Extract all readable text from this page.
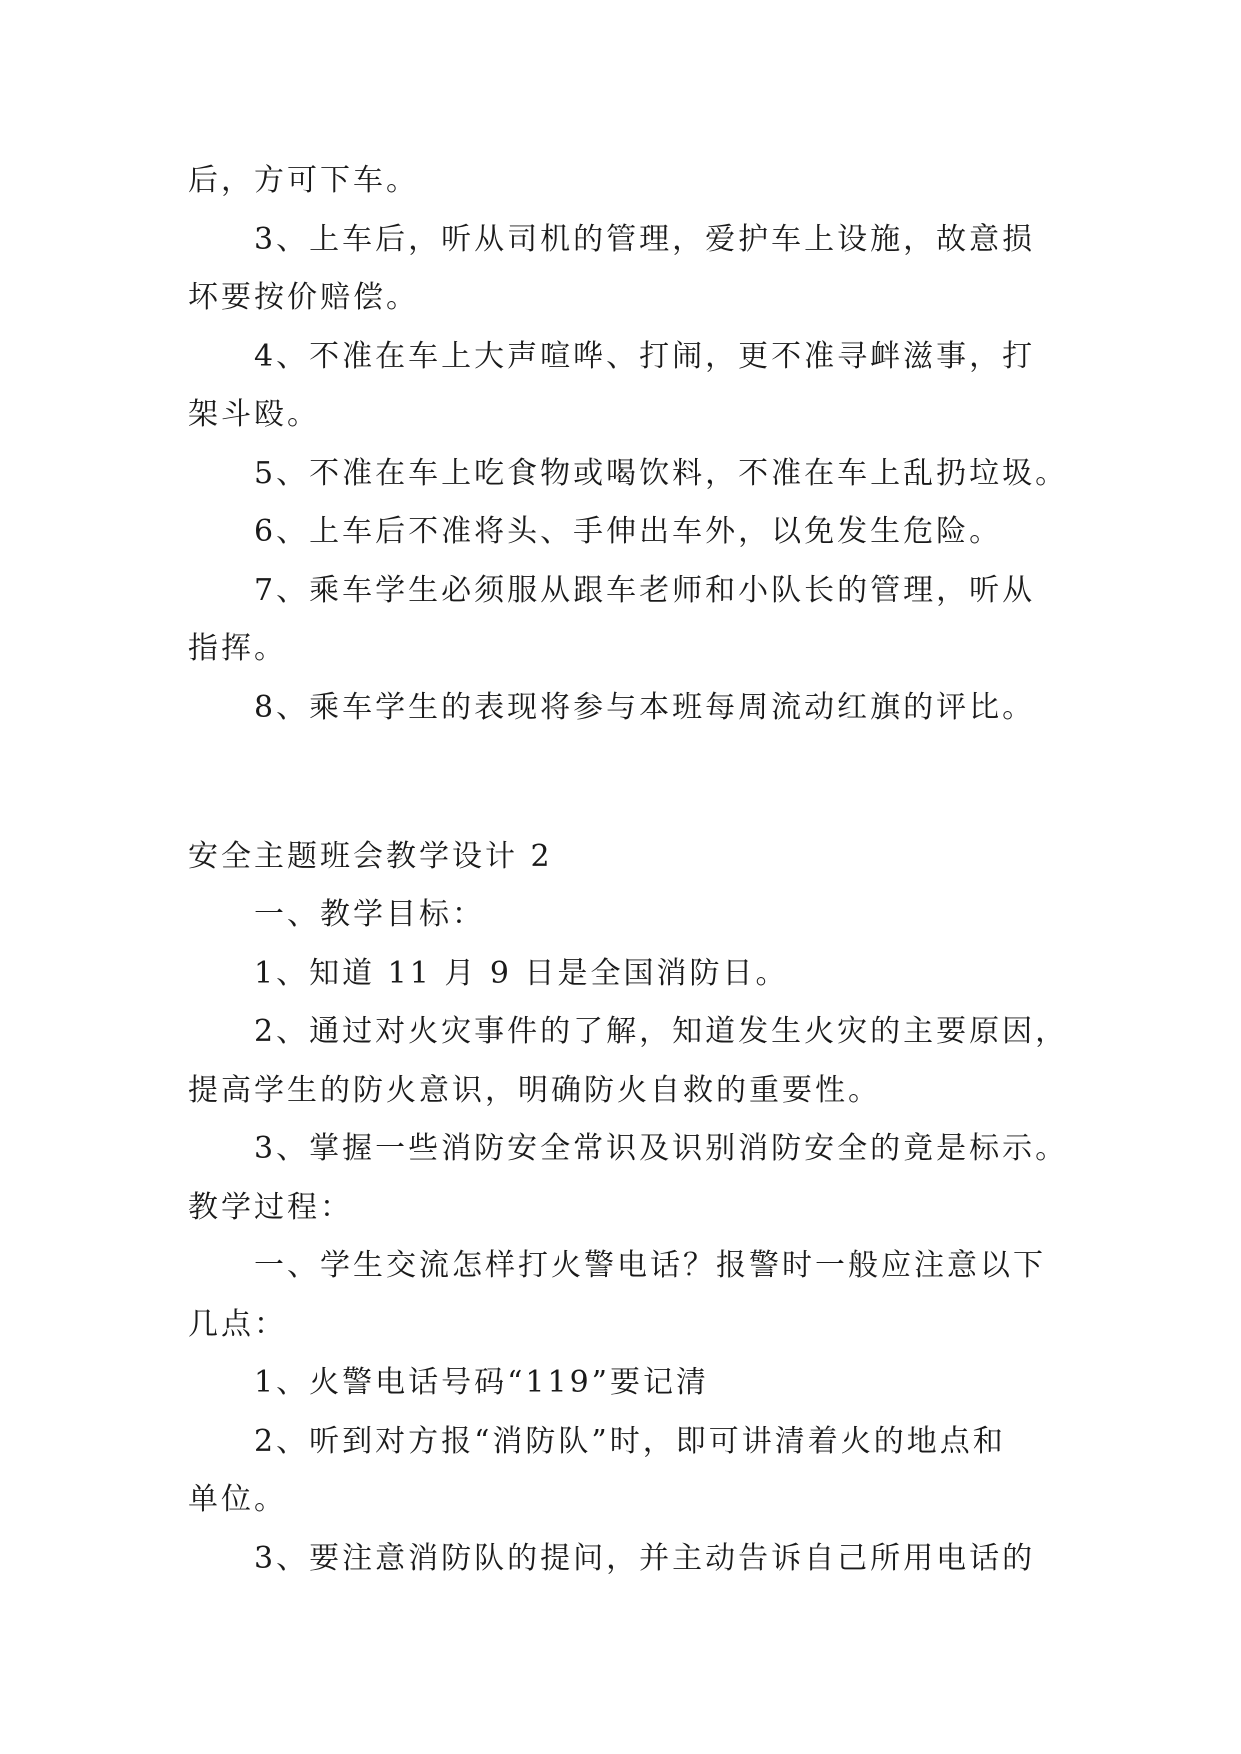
后，方可下车。

3、上车后，听从司机的管理，爱护车上设施，故意损

坏要按价赔偿。

4、不准在车上大声喧哗、打闹，更不准寻衅滋事，打

架斗殴。

5、不准在车上吃食物或喝饮料，不准在车上乱扔垃圾。

6、上车后不准将头、手伸出车外，以免发生危险。

7、乘车学生必须服从跟车老师和小队长的管理，听从

指挥。

8、乘车学生的表现将参与本班每周流动红旗的评比。

安全主题班会教学设计 2

一、教学目标：

1、知道 11 月 9 日是全国消防日。

2、通过对火灾事件的了解，知道发生火灾的主要原因，

提高学生的防火意识，明确防火自救的重要性。

3、掌握一些消防安全常识及识别消防安全的竟是标示。

教学过程：

一、学生交流怎样打火警电话？报警时一般应注意以下

几点：

1、火警电话号码“119”要记清

2、听到对方报“消防队”时，即可讲清着火的地点和

单位。

3、要注意消防队的提问，并主动告诉自己所用电话的
